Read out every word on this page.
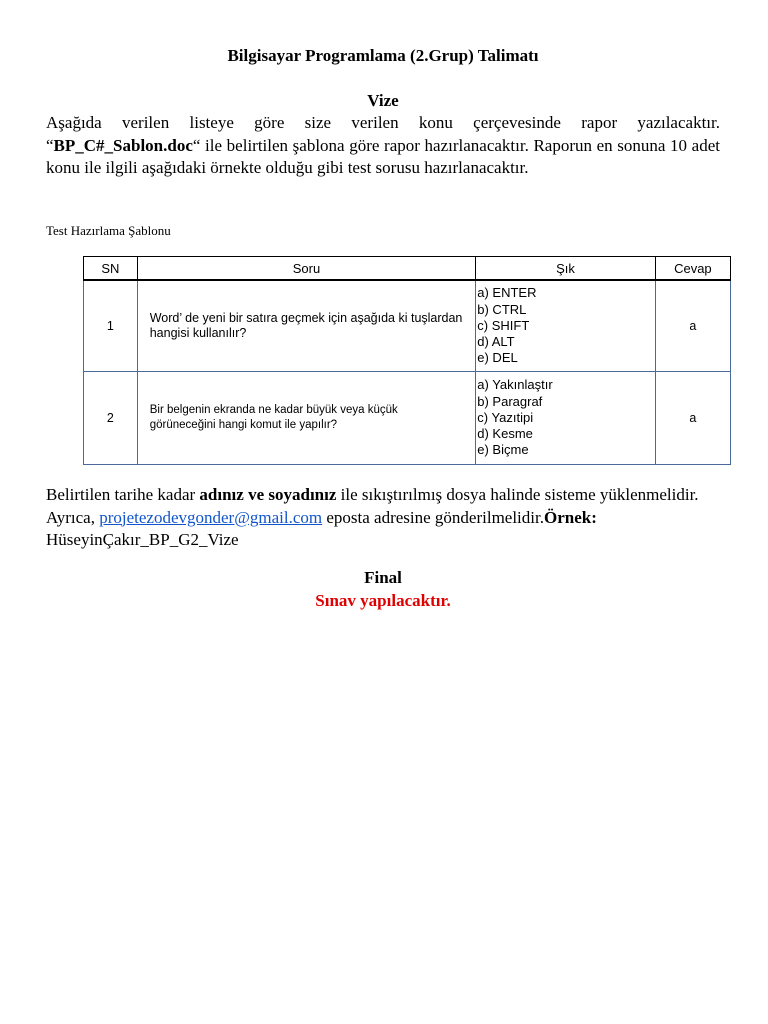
Bilgisayar Programlama (2.Grup) Talimatı
Vize
Aşağıda verilen listeye göre size verilen konu çerçevesinde rapor yazılacaktır. “BP_C#_Sablon.doc“ ile belirtilen şablona göre rapor hazırlanacaktır. Raporun en sonuna 10 adet konu ile ilgili aşağıdaki örnekte olduğu gibi test sorusu hazırlanacaktır.
Test Hazırlama Şablonu
SN	Soru	Şık	Cevap
1	Word’ de yeni bir satıra geçmek için aşağıda ki tuşlardan hangisi kullanılır?	a) ENTER
b) CTRL
c) SHIFT
d) ALT
e) DEL	a
2	Bir belgenin ekranda ne kadar büyük veya küçük görüneceğini hangi komut ile yapılır?	a) Yakınlaştır
b) Paragraf
c) Yazıtipi
d) Kesme
e) Biçme	a
Belirtilen tarihe kadar adınız ve soyadınız ile sıkıştırılmış dosya halinde sisteme yüklenmelidir. Ayrıca, projetezodevgonder@gmail.com eposta adresine gönderilmelidir.Örnek: HüseyinÇakır_BP_G2_Vize
Final
Sınav yapılacaktır.
